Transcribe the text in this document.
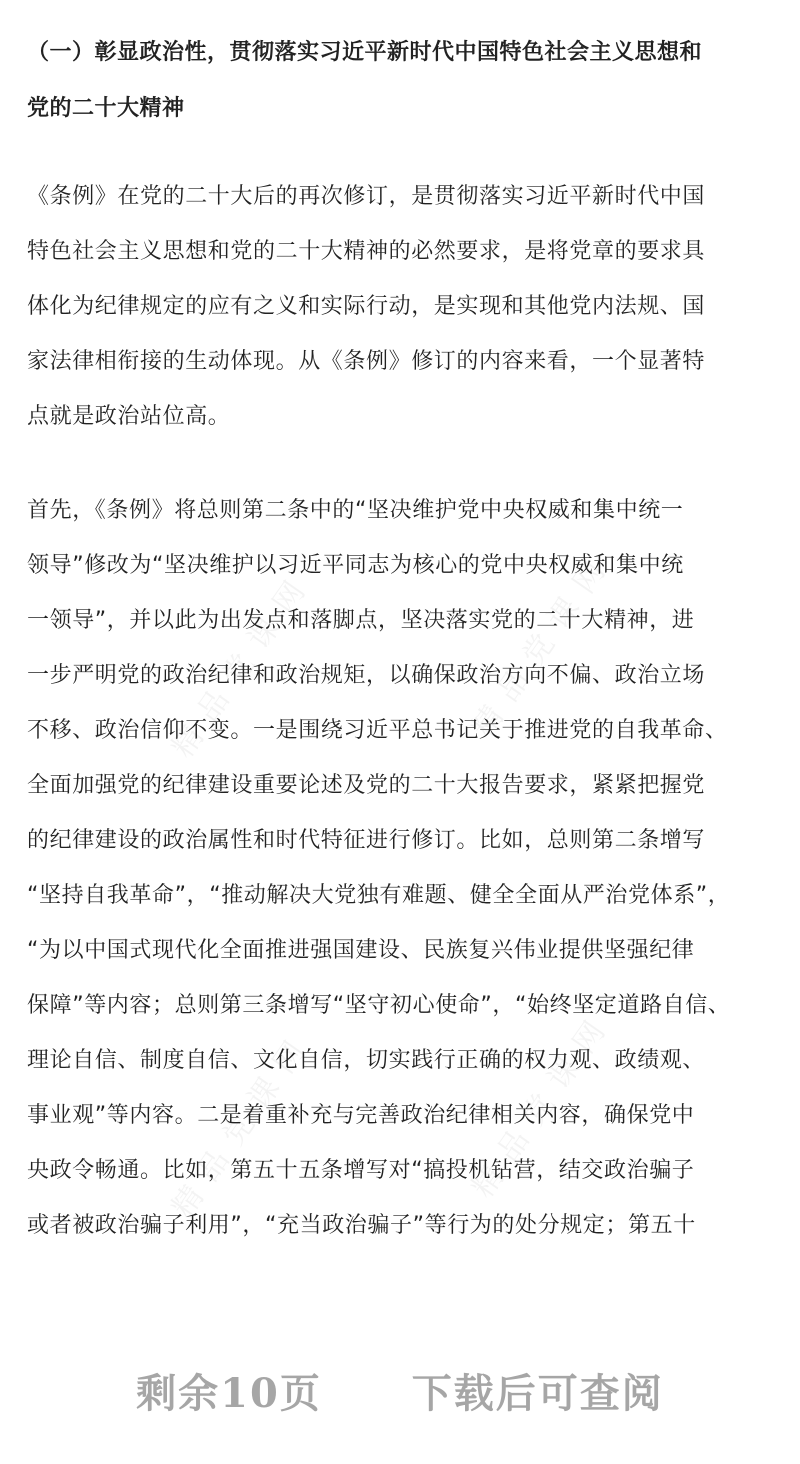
精品党课网	精品党课网
精品党课网	精品党课网
（一）彰显政治性，贯彻落实习近平新时代中国特色社会主义思想和
党的二十大精神
《条例》在党的二十大后的再次修订，是贯彻落实习近平新时代中国
特色社会主义思想和党的二十大精神的必然要求，是将党章的要求具
体化为纪律规定的应有之义和实际行动，是实现和其他党内法规、国
家法律相衔接的生动体现。从《条例》修订的内容来看，一个显著特
点就是政治站位高。
首先，《条例》将总则第二条中的“坚决维护党中央权威和集中统一
领导”修改为“坚决维护以习近平同志为核心的党中央权威和集中统
一领导”，并以此为出发点和落脚点，坚决落实党的二十大精神，进
一步严明党的政治纪律和政治规矩，以确保政治方向不偏、政治立场
不移、政治信仰不变。一是围绕习近平总书记关于推进党的自我革命、
全面加强党的纪律建设重要论述及党的二十大报告要求，紧紧把握党
的纪律建设的政治属性和时代特征进行修订。比如，总则第二条增写
“坚持自我革命”，“推动解决大党独有难题、健全全面从严治党体系”，
“为以中国式现代化全面推进强国建设、民族复兴伟业提供坚强纪律
保障”等内容；总则第三条增写“坚守初心使命”，“始终坚定道路自信、
理论自信、制度自信、文化自信，切实践行正确的权力观、政绩观、
事业观”等内容。二是着重补充与完善政治纪律相关内容，确保党中
央政令畅通。比如，第五十五条增写对“搞投机钻营，结交政治骗子
或者被政治骗子利用”，“充当政治骗子”等行为的处分规定；第五十
剩余10页 下载后可查阅
